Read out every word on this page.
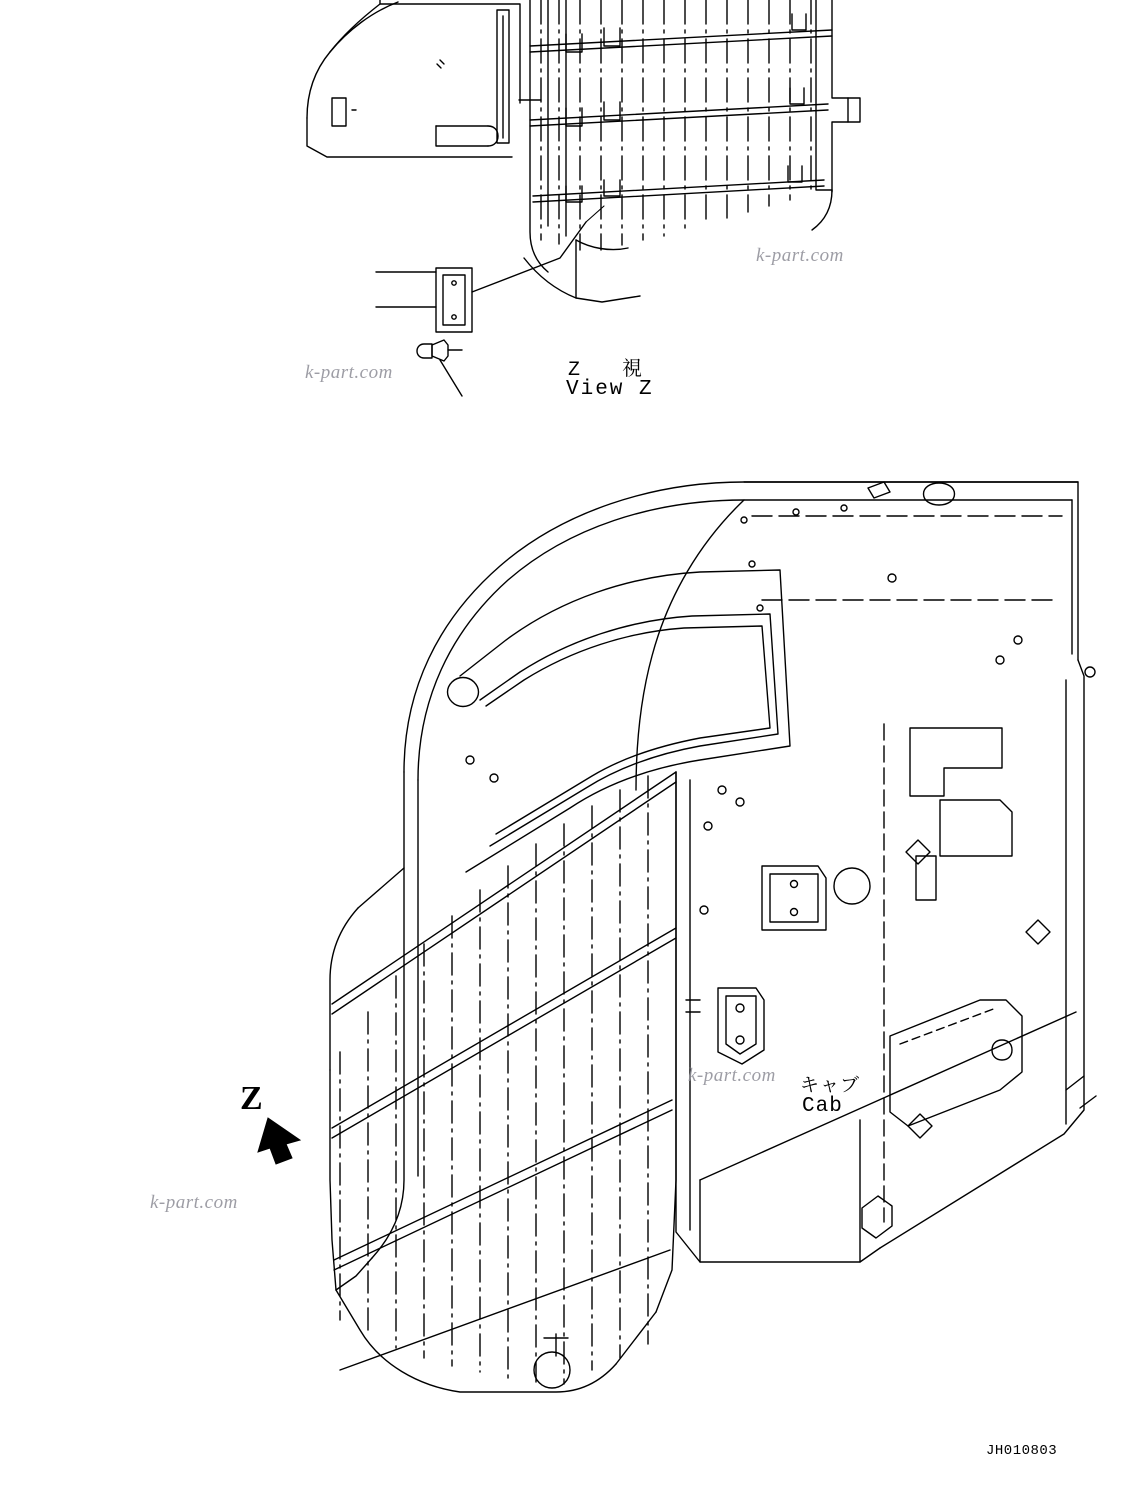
Z
Z  視
View Z
キャブ
Cab
JH010803
k-part.com
k-part.com
k-part.com
k-part.com
